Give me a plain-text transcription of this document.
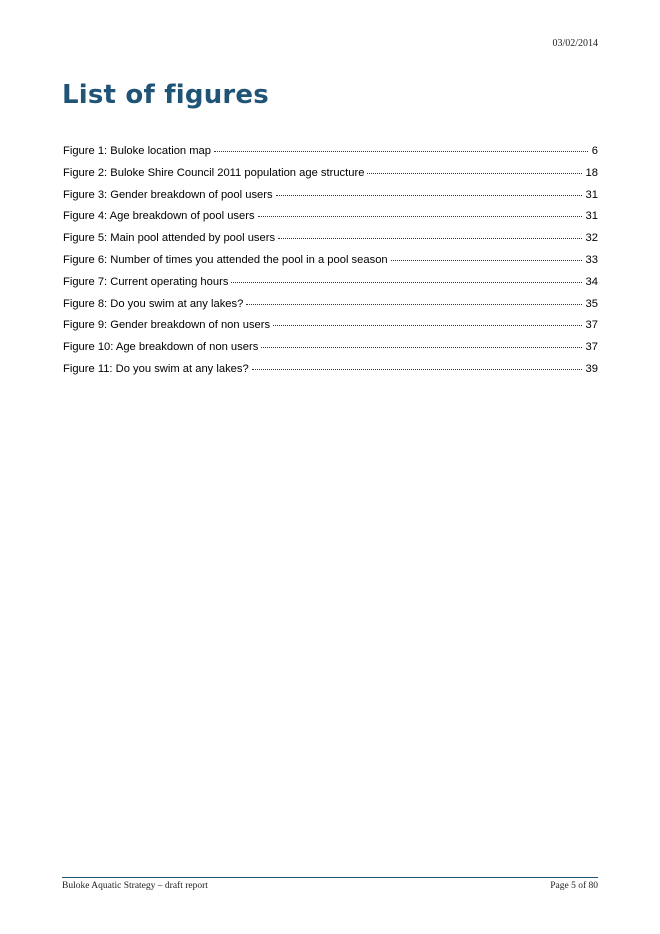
03/02/2014
List of figures
Figure 1: Buloke location map	6
Figure 2: Buloke Shire Council 2011 population age structure	18
Figure 3: Gender breakdown of pool users	31
Figure 4: Age breakdown of pool users	31
Figure 5: Main pool attended by pool users	32
Figure 6: Number of times you attended the pool in a pool season	33
Figure 7: Current operating hours	34
Figure 8: Do you swim at any lakes?	35
Figure 9: Gender breakdown of non users	37
Figure 10: Age breakdown of non users	37
Figure 11: Do you swim at any lakes?	39
Buloke Aquatic Strategy – draft report	Page 5 of 80
